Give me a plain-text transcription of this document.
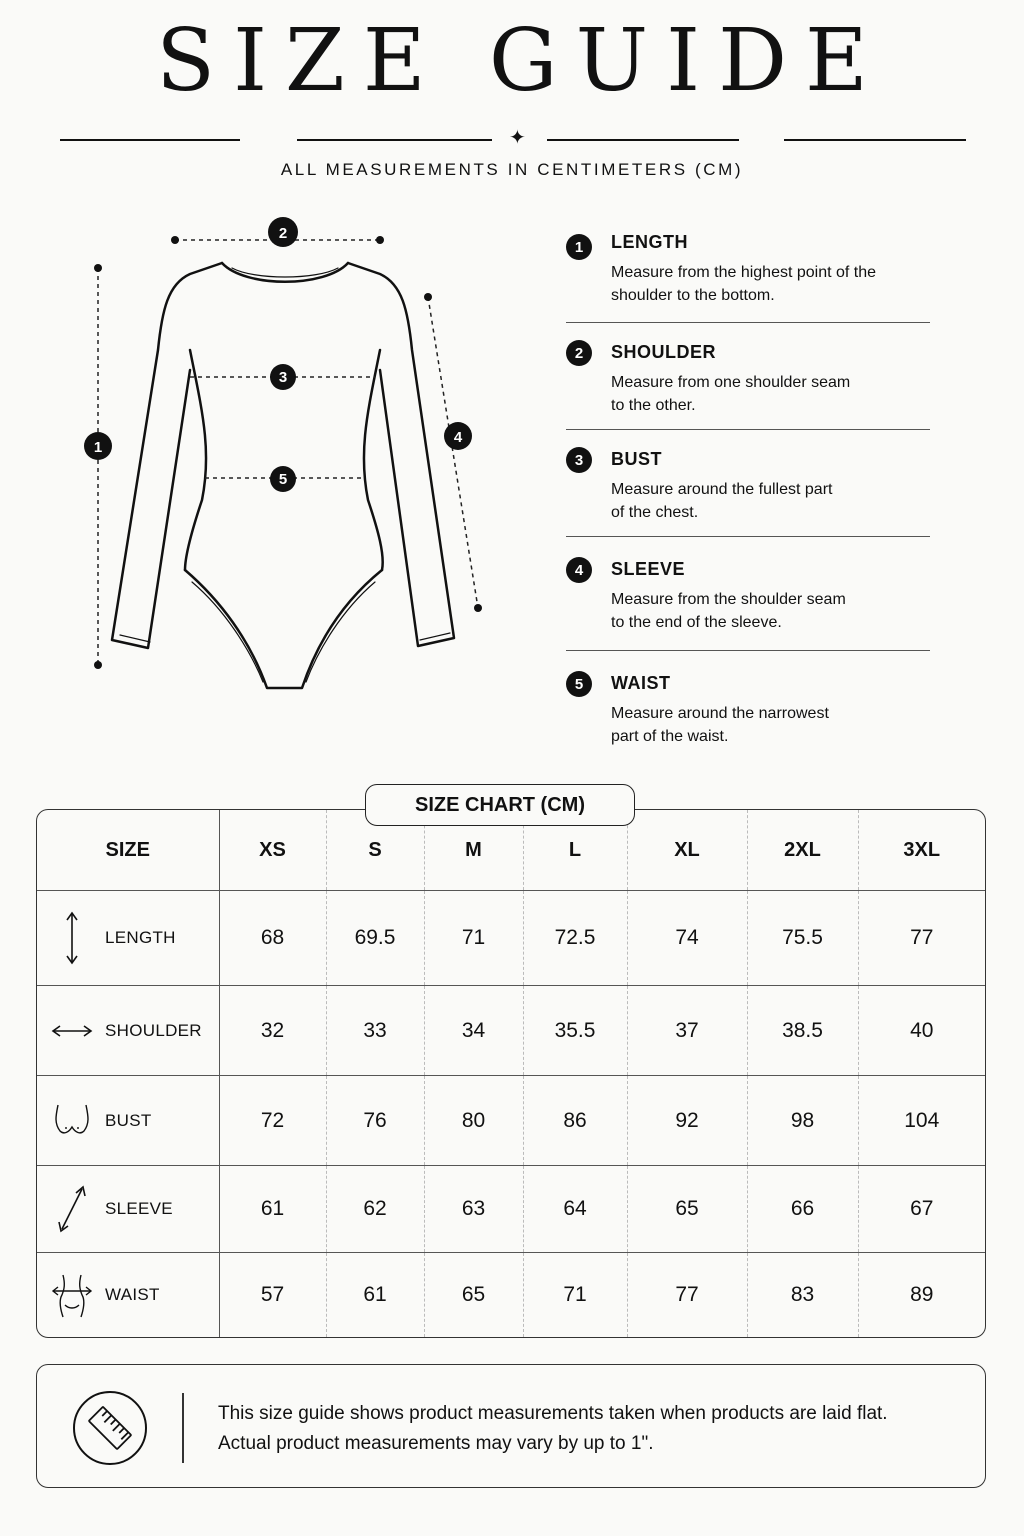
SIZE GUIDE
✦
ALL MEASUREMENTS IN CENTIMETERS (CM)
2
1
4
3
5
1	LENGTH
Measure from the highest point of the
shoulder to the bottom.
2	SHOULDER
Measure from one shoulder seam
to the other.
3	BUST
Measure around the fullest part
of the chest.
4	SLEEVE
Measure from the shoulder seam
to the end of the sleeve.
5	WAIST
Measure around the narrowest
part of the waist.
SIZE CHART (CM)
SIZE	XS	S	M	L	XL	2XL	3XL

LENGTH	68	69.5	71	72.5	74	75.5	77

SHOULDER	32	33	34	35.5	37	38.5	40

BUST	72	76	80	86	92	98	104

SLEEVE	61	62	63	64	65	66	67

WAIST	57	61	65	71	77	83	89
This size guide shows product measurements taken when products are laid flat.
Actual product measurements may vary by up to 1".
